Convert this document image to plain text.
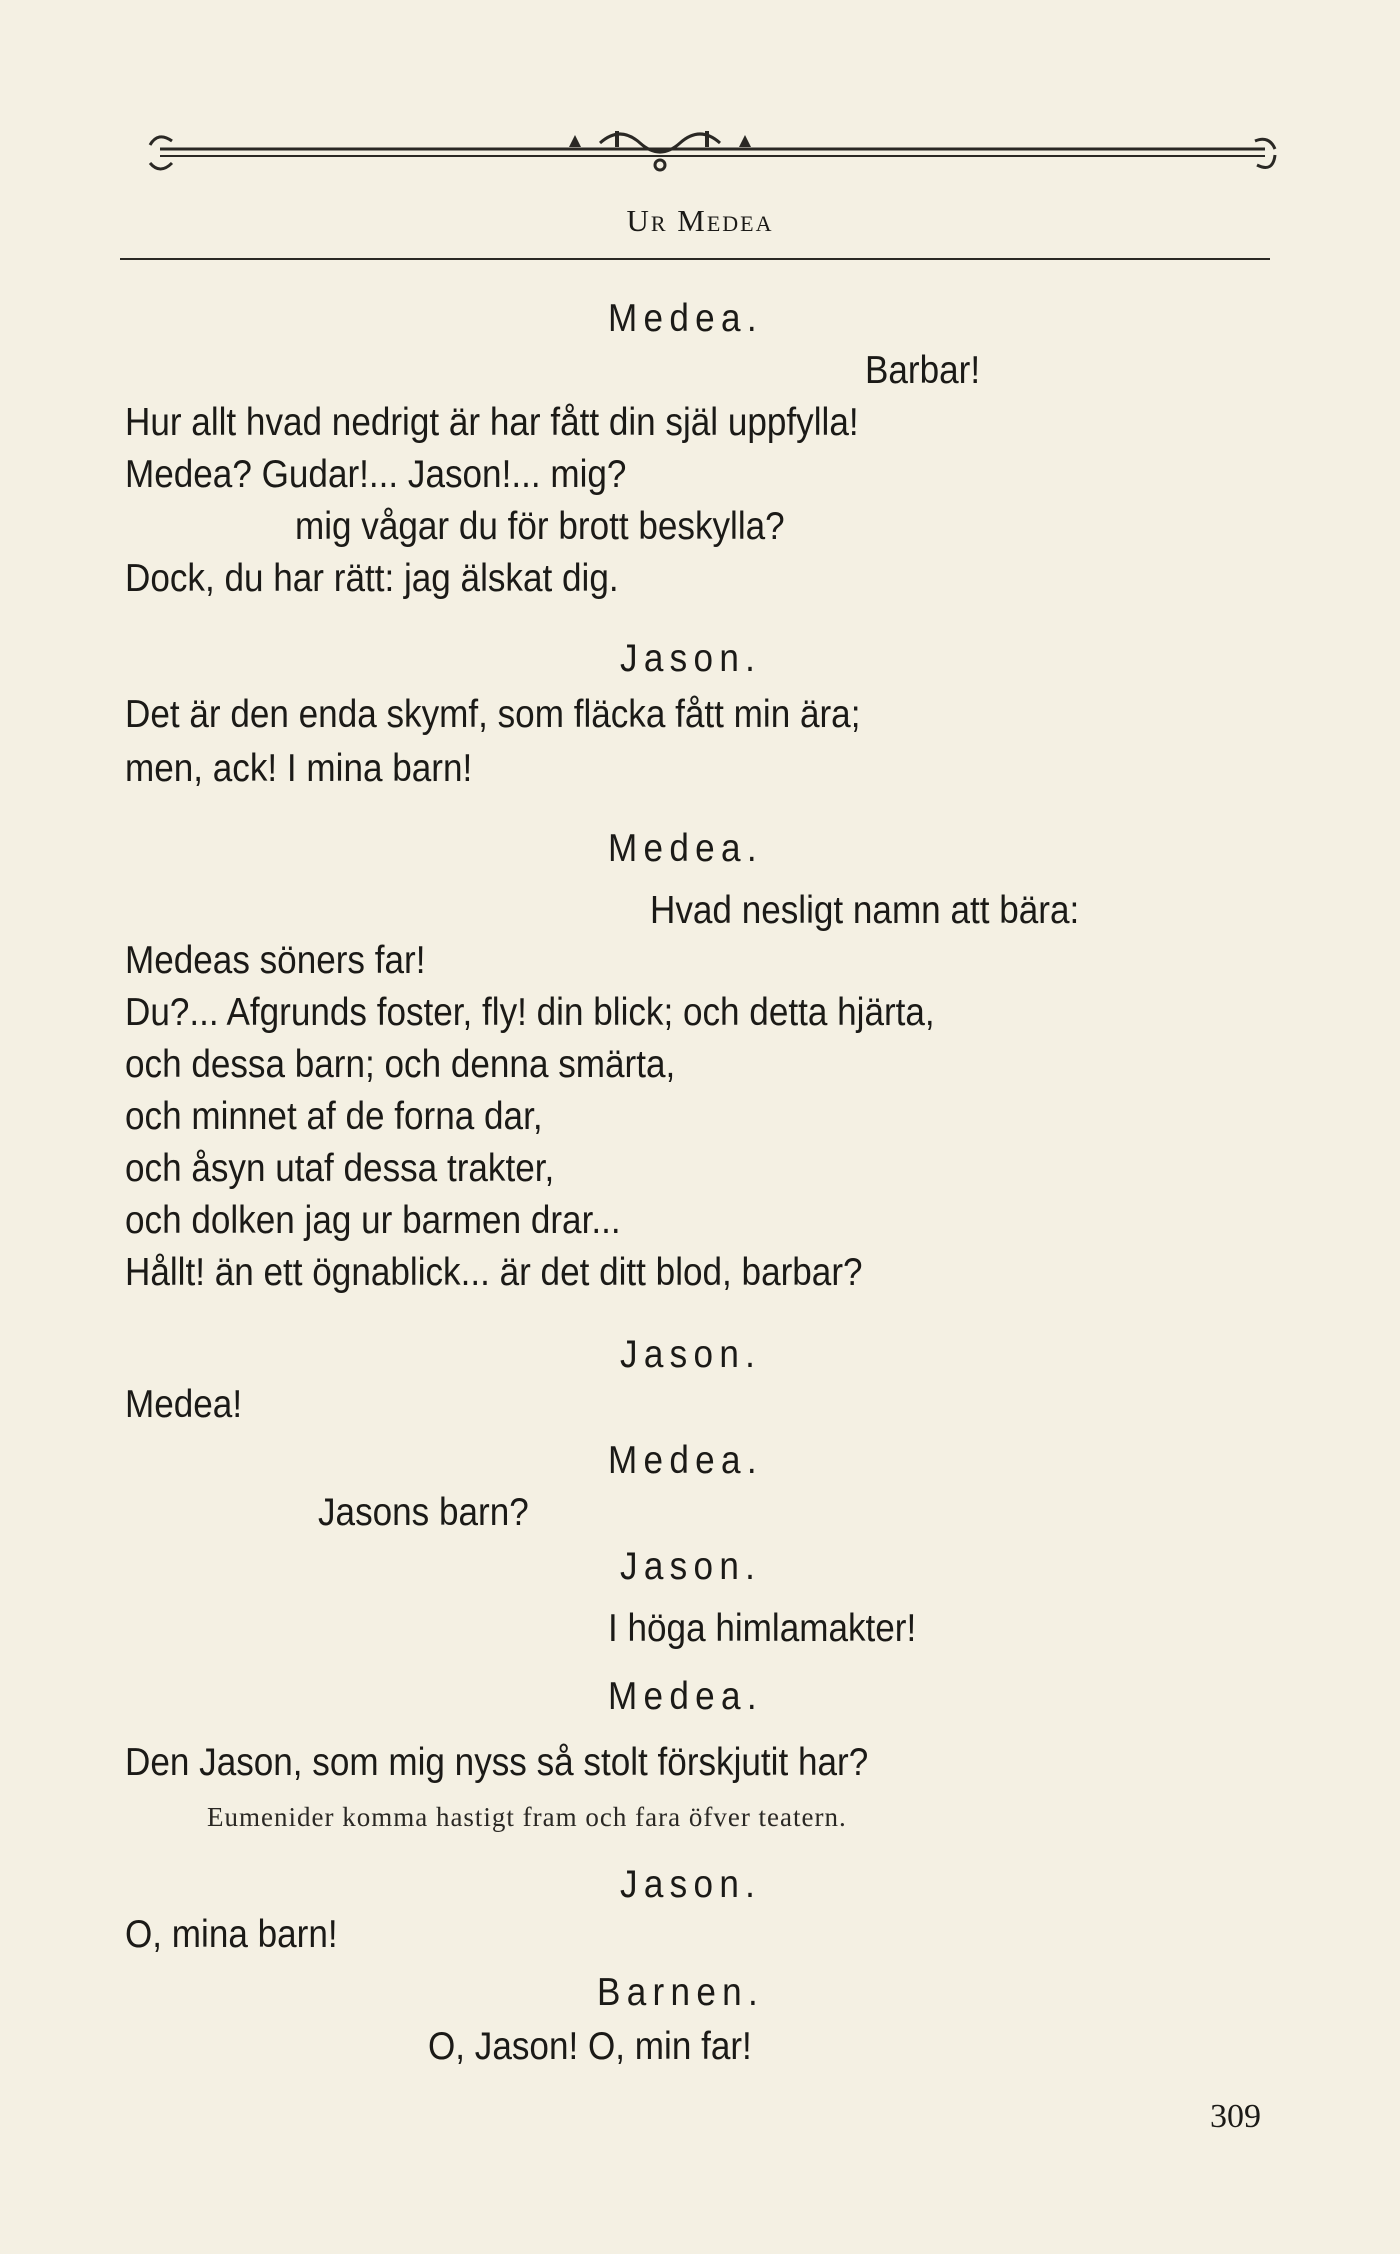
Ur Medea
Medea.
Barbar!
Hur allt hvad nedrigt är har fått din själ uppfylla!
Medea? Gudar!... Jason!... mig?
mig vågar du för brott beskylla?
Dock, du har rätt: jag älskat dig.
Jason.
Det är den enda skymf, som fläcka fått min ära;
men, ack! I mina barn!
Medea.
Hvad nesligt namn att bära:
Medeas söners far!
Du?... Afgrunds foster, fly! din blick; och detta hjärta,
och dessa barn; och denna smärta,
och minnet af de forna dar,
och åsyn utaf dessa trakter,
och dolken jag ur barmen drar...
Hållt! än ett ögnablick... är det ditt blod, barbar?
Jason.
Medea!
Medea.
Jasons barn?
Jason.
I höga himlamakter!
Medea.
Den Jason, som mig nyss så stolt förskjutit har?
Eumenider komma hastigt fram och fara öfver teatern.
Jason.
O, mina barn!
Barnen.
O, Jason! O, min far!
309
